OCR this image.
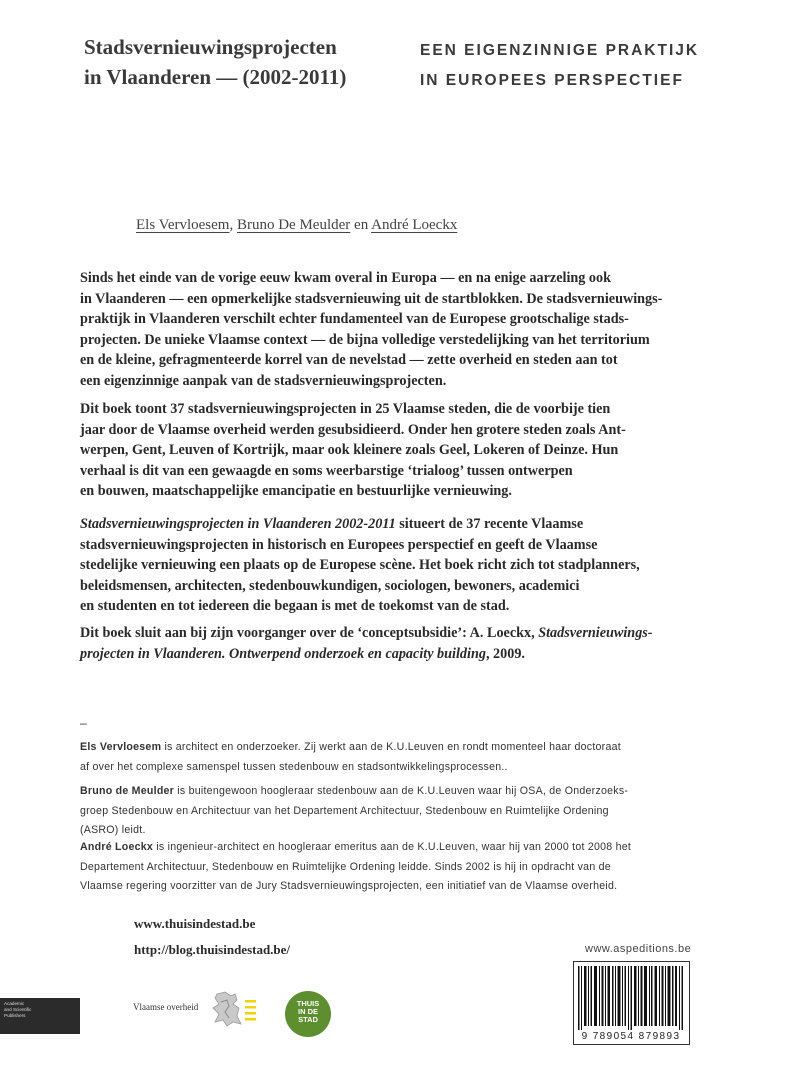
Stadsvernieuwingsprojecten
in Vlaanderen — (2002-2011)
EEN EIGENZINNIGE PRAKTIJK
IN EUROPEES PERSPECTIEF
Els Vervloesem, Bruno De Meulder en André Loeckx
Sinds het einde van de vorige eeuw kwam overal in Europa — en na enige aarzeling ook
in Vlaanderen — een opmerkelijke stadsvernieuwing uit de startblokken. De stadsvernieuwings-
praktijk in Vlaanderen verschilt echter fundamenteel van de Europese grootschalige stads-
projecten. De unieke Vlaamse context — de bijna volledige verstedelijking van het territorium
en de kleine, gefragmenteerde korrel van de nevelstad — zette overheid en steden aan tot
een eigenzinnige aanpak van de stadsvernieuwingsprojecten.
Dit boek toont 37 stadsvernieuwingsprojecten in 25 Vlaamse steden, die de voorbije tien
jaar door de Vlaamse overheid werden gesubsidieerd. Onder hen grotere steden zoals Ant-
werpen, Gent, Leuven of Kortrijk, maar ook kleinere zoals Geel, Lokeren of Deinze. Hun
verhaal is dit van een gewaagde en soms weerbarstige ‘trialoog’ tussen ontwerpen
en bouwen, maatschappelijke emancipatie en bestuurlijke vernieuwing.
Stadsvernieuwingsprojecten in Vlaanderen 2002-2011 situeert de 37 recente Vlaamse
stadsvernieuwingsprojecten in historisch en Europees perspectief en geeft de Vlaamse
stedelijke vernieuwing een plaats op de Europese scène. Het boek richt zich tot stadplanners,
beleidsmensen, architecten, stedenbouwkundigen, sociologen, bewoners, academici
en studenten en tot iedereen die begaan is met de toekomst van de stad.
Dit boek sluit aan bij zijn voorganger over de ‘conceptsubsidie’: A. Loeckx, Stadsvernieuwings-
projecten in Vlaanderen. Ontwerpend onderzoek en capacity building, 2009.
–
Els Vervloesem is architect en onderzoeker. Zij werkt aan de K.U.Leuven en rondt momenteel haar doctoraat
af over het complexe samenspel tussen stedenbouw en stadsontwikkelingsprocessen..
Bruno de Meulder is buitengewoon hoogleraar stedenbouw aan de K.U.Leuven waar hij OSA, de Onderzoeks-
groep Stedenbouw en Architectuur van het Departement Architectuur, Stedenbouw en Ruimtelijke Ordening
(ASRO) leidt.
André Loeckx is ingenieur-architect en hoogleraar emeritus aan de K.U.Leuven, waar hij van 2000 tot 2008 het
Departement Architectuur, Stedenbouw en Ruimtelijke Ordening leidde. Sinds 2002 is hij in opdracht van de
Vlaamse regering voorzitter van de Jury Stadsvernieuwingsprojecten, een initiatief van de Vlaamse overheid.
www.thuisindestad.be
http://blog.thuisindestad.be/
Academic
and Scientific
Publishers
Vlaamse overheid	THUIS
IN DE
STAD
www.aspeditions.be
9 789054 879893
